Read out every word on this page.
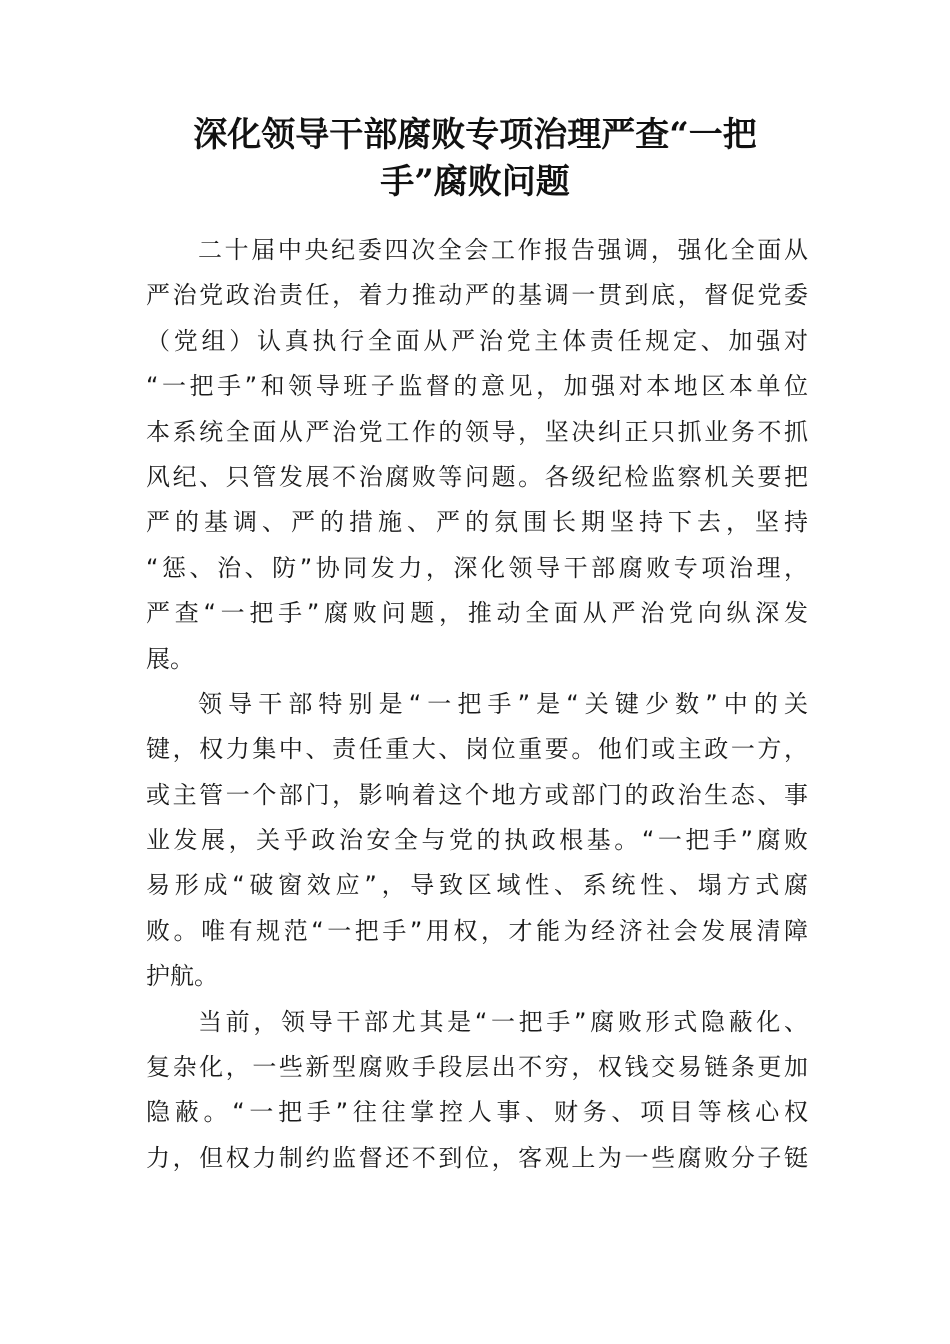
深化领导干部腐败专项治理严查“一把
手”腐败问题
二十届中央纪委四次全会工作报告强调，强化全面从
严治党政治责任，着力推动严的基调一贯到底，督促党委
（党组）认真执行全面从严治党主体责任规定、加强对
“一把手”和领导班子监督的意见，加强对本地区本单位
本系统全面从严治党工作的领导，坚决纠正只抓业务不抓
风纪、只管发展不治腐败等问题。各级纪检监察机关要把
严的基调、严的措施、严的氛围长期坚持下去，坚持
“惩、治、防”协同发力，深化领导干部腐败专项治理，
严查“一把手”腐败问题，推动全面从严治党向纵深发
展。
领导干部特别是“一把手”是“关键少数”中的关
键，权力集中、责任重大、岗位重要。他们或主政一方，
或主管一个部门，影响着这个地方或部门的政治生态、事
业发展，关乎政治安全与党的执政根基。“一把手”腐败
易形成“破窗效应”，导致区域性、系统性、塌方式腐
败。唯有规范“一把手”用权，才能为经济社会发展清障
护航。
当前，领导干部尤其是“一把手”腐败形式隐蔽化、
复杂化，一些新型腐败手段层出不穷，权钱交易链条更加
隐蔽。“一把手”往往掌控人事、财务、项目等核心权
力，但权力制约监督还不到位，客观上为一些腐败分子铤
